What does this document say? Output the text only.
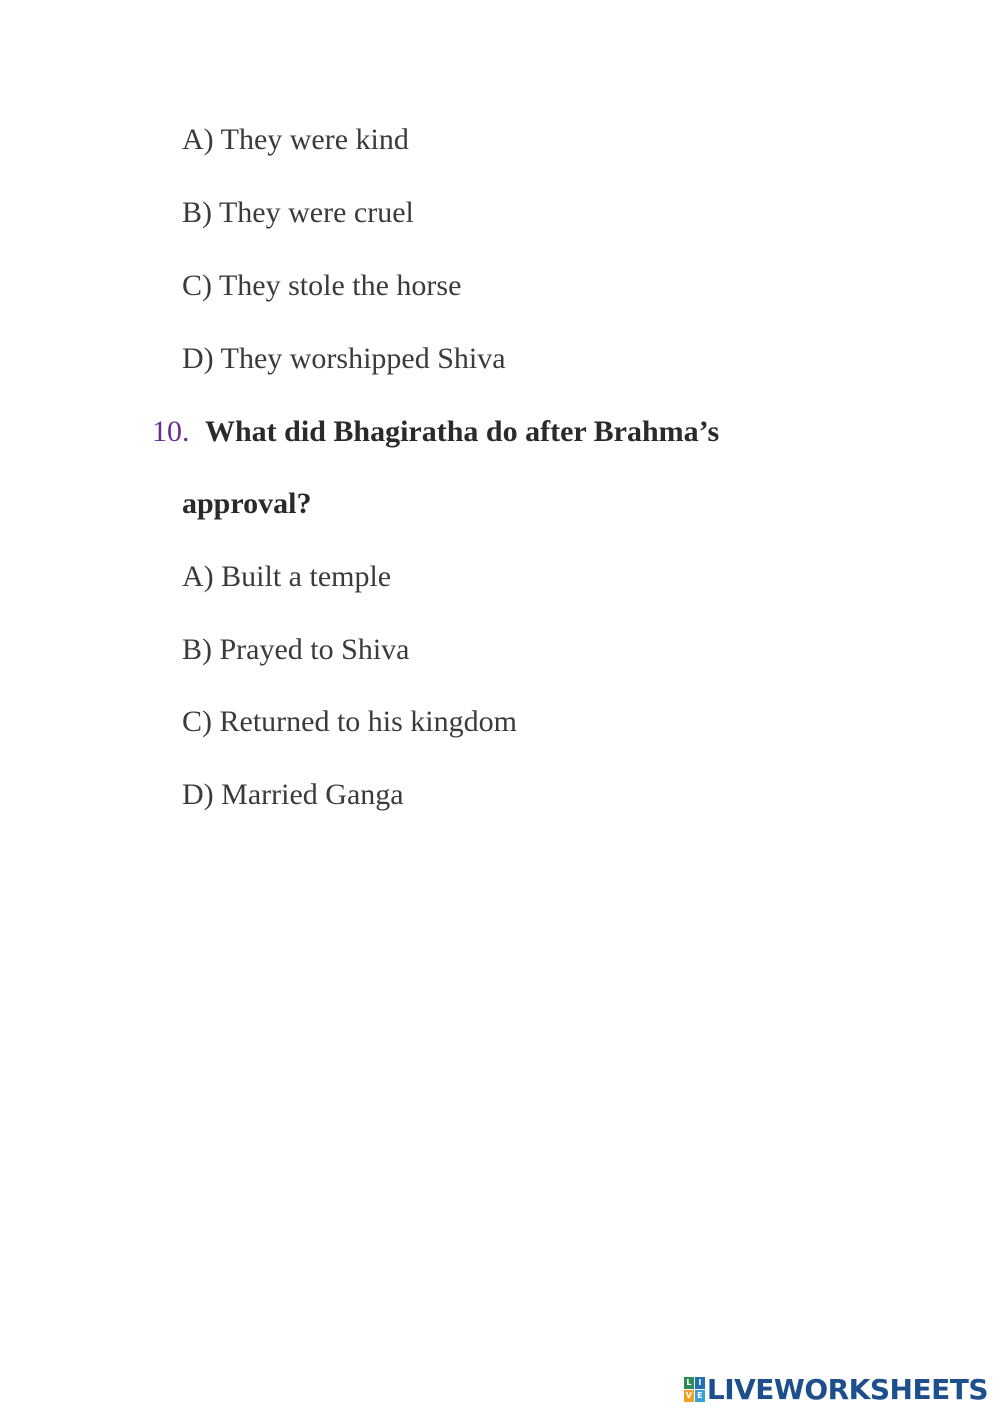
A) They were kind
B) They were cruel
C) They stole the horse
D) They worshipped Shiva
10. What did Bhagiratha do after Brahma’s
approval?
A) Built a temple
B) Prayed to Shiva
C) Returned to his kingdom
D) Married Ganga
L I
V E LIVEWORKSHEETS
